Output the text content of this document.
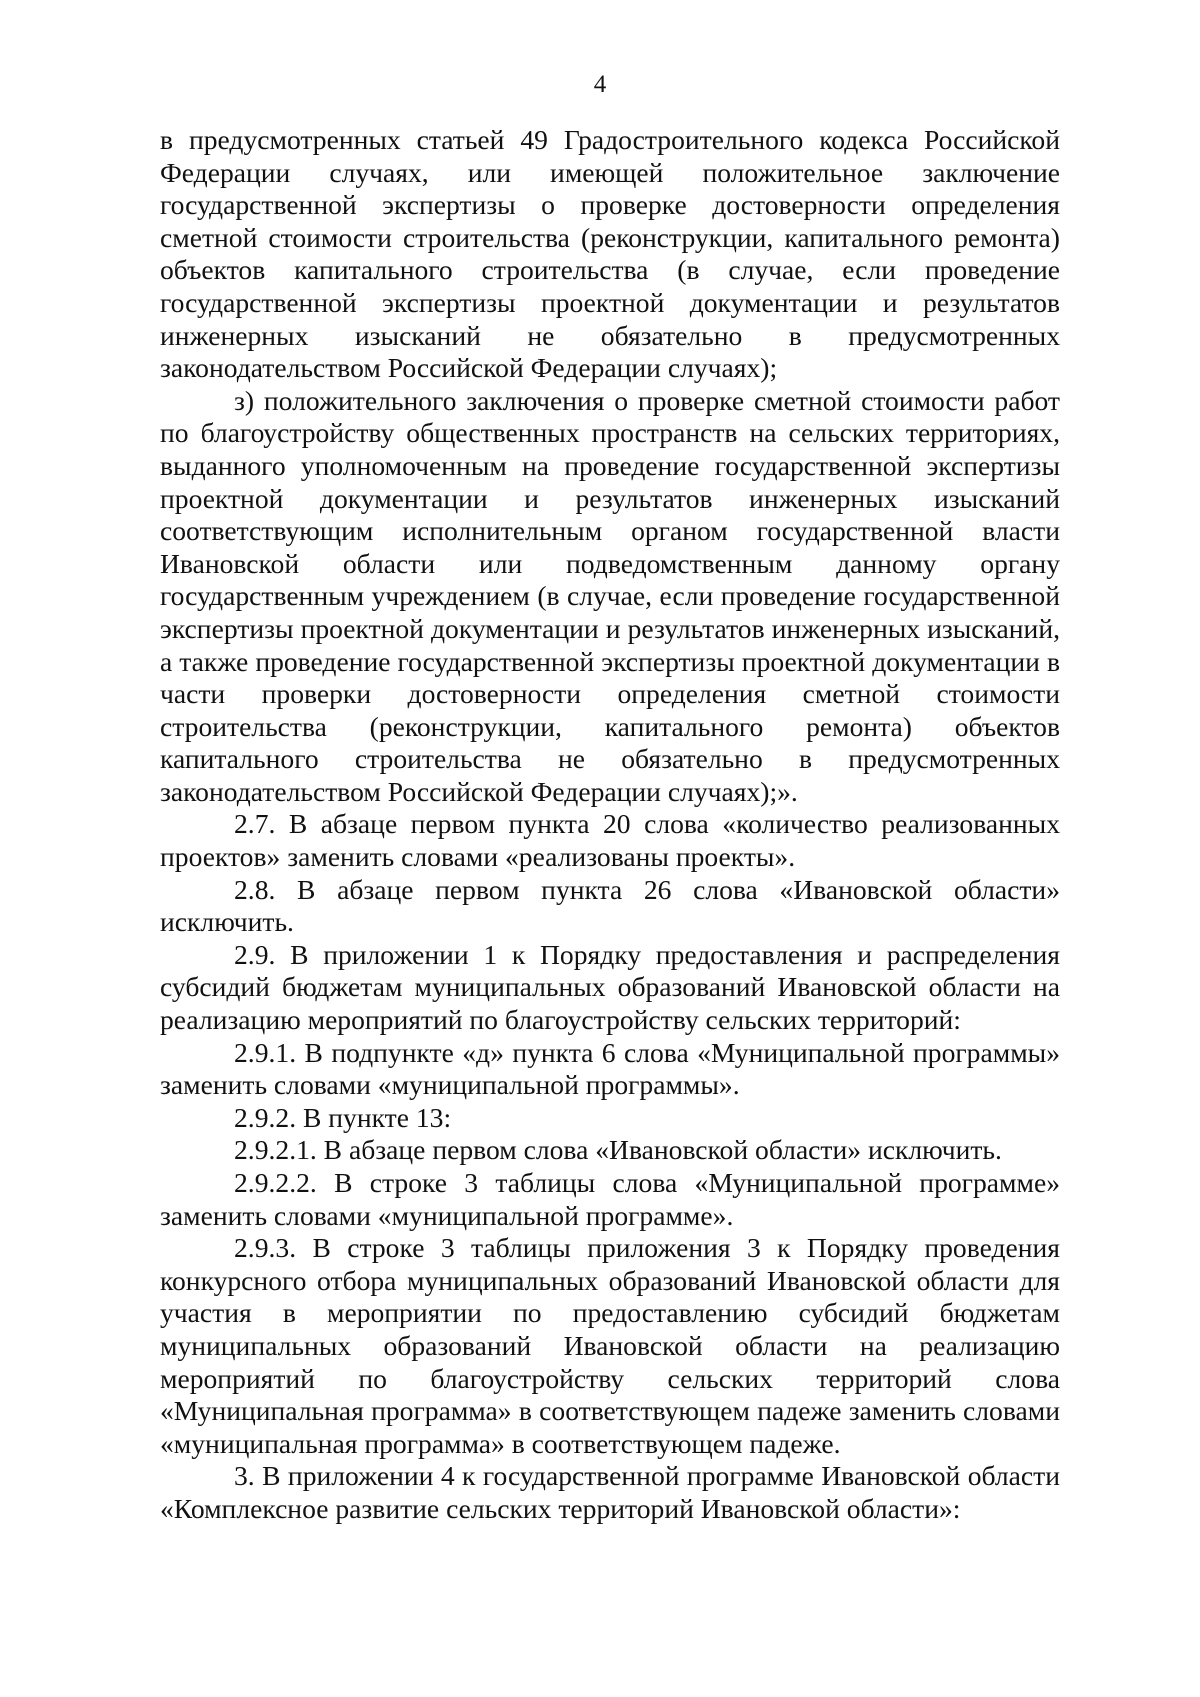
4

в предусмотренных статьей 49 Градостроительного кодекса Российской Федерации случаях, или имеющей положительное заключение государственной экспертизы о проверке достоверности определения сметной стоимости строительства (реконструкции, капитального ремонта) объектов капитального строительства (в случае, если проведение государственной экспертизы проектной документации и результатов инженерных изысканий не обязательно в предусмотренных законодательством Российской Федерации случаях);

з) положительного заключения о проверке сметной стоимости работ по благоустройству общественных пространств на сельских территориях, выданного уполномоченным на проведение государственной экспертизы проектной документации и результатов инженерных изысканий соответствующим исполнительным органом государственной власти Ивановской области или подведомственным данному органу государственным учреждением (в случае, если проведение государственной экспертизы проектной документации и результатов инженерных изысканий, а также проведение государственной экспертизы проектной документации в части проверки достоверности определения сметной стоимости строительства (реконструкции, капитального ремонта) объектов капитального строительства не обязательно в предусмотренных законодательством Российской Федерации случаях);».

2.7. В абзаце первом пункта 20 слова «количество реализованных проектов» заменить словами «реализованы проекты».

2.8. В абзаце первом пункта 26 слова «Ивановской области» исключить.

2.9. В приложении 1 к Порядку предоставления и распределения субсидий бюджетам муниципальных образований Ивановской области на реализацию мероприятий по благоустройству сельских территорий:

2.9.1. В подпункте «д» пункта 6 слова «Муниципальной программы» заменить словами «муниципальной программы».

2.9.2. В пункте 13:

2.9.2.1. В абзаце первом слова «Ивановской области» исключить.

2.9.2.2. В строке 3 таблицы слова «Муниципальной программе» заменить словами «муниципальной программе».

2.9.3. В строке 3 таблицы приложения 3 к Порядку проведения конкурсного отбора муниципальных образований Ивановской области для участия в мероприятии по предоставлению субсидий бюджетам муниципальных образований Ивановской области на реализацию мероприятий по благоустройству сельских территорий слова «Муниципальная программа» в соответствующем падеже заменить словами «муниципальная программа» в соответствующем падеже.

3. В приложении 4 к государственной программе Ивановской области «Комплексное развитие сельских территорий Ивановской области»:
